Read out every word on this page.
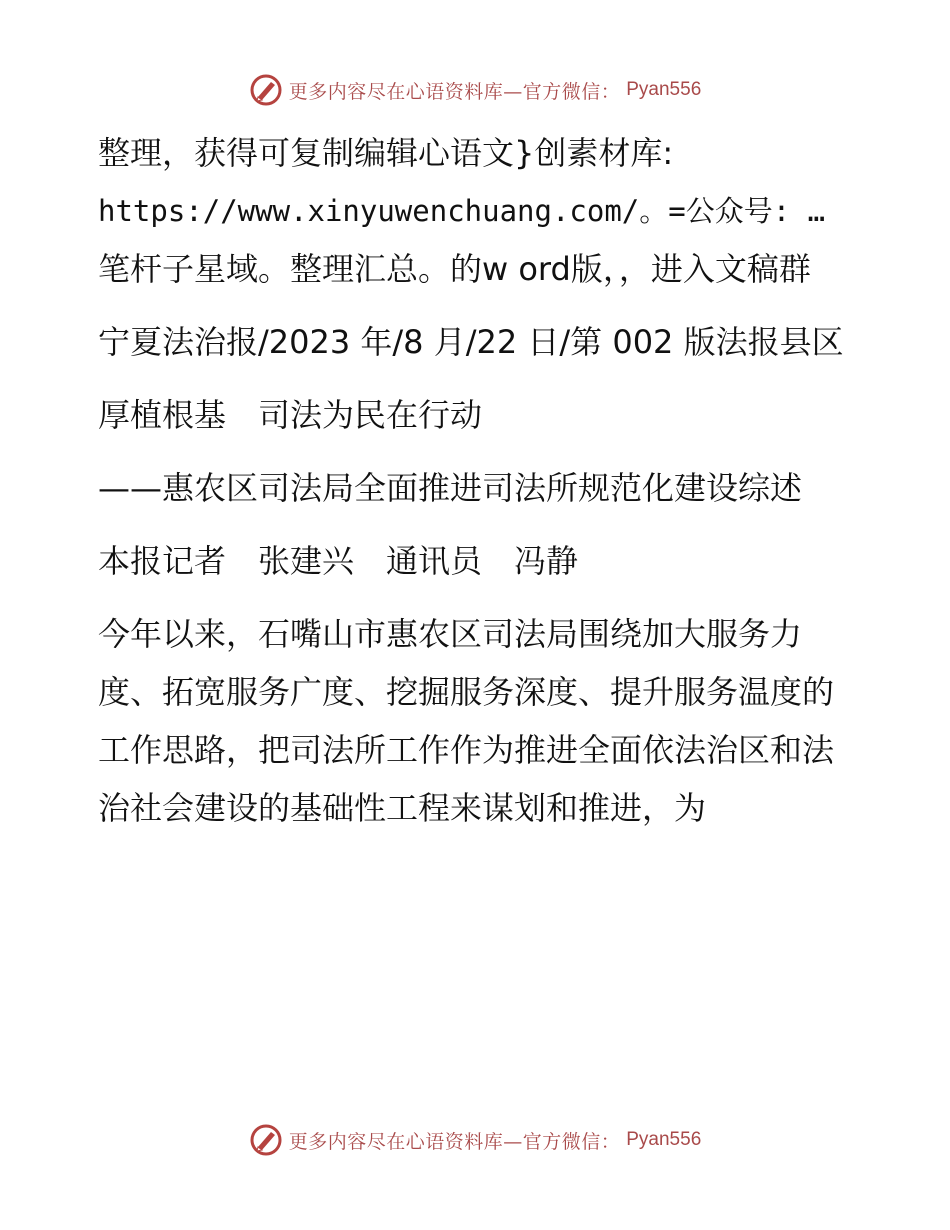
更多内容尽在心语资料库—官方微信： Pyan556

整理，获得可复制编辑心语文}创素材库:

https://www.xinyuwenchuang.com/。=公众号: …

笔杆子星域。整理汇总。的w ord版，，进入文稿群

宁夏法治报/2023 年/8 月/22 日/第 002 版法报县区

厚植根基　司法为民在行动

——惠农区司法局全面推进司法所规范化建设综述

本报记者　张建兴　通讯员　冯静

今年以来，石嘴山市惠农区司法局围绕加大服务力度、拓宽服务广度、挖掘服务深度、提升服务温度的工作思路，把司法所工作作为推进全面依法治区和法治社会建设的基础性工程来谋划和推进，为

更多内容尽在心语资料库—官方微信： Pyan556
